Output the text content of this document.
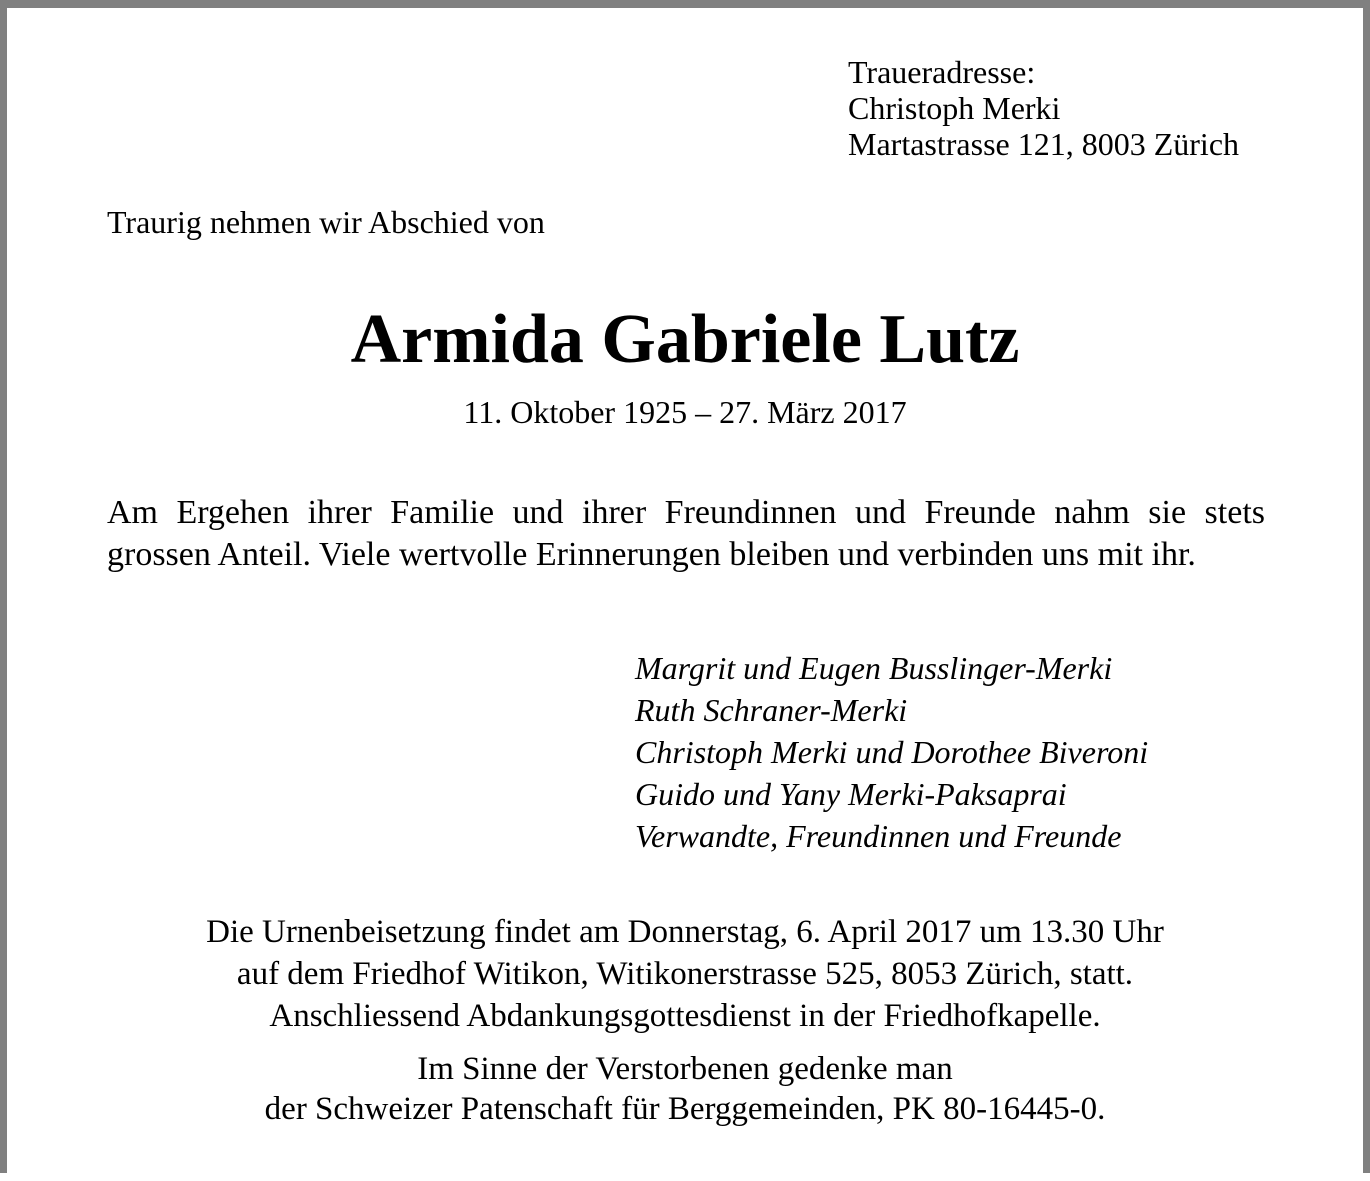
Traueradresse:
Christoph Merki
Martastrasse 121, 8003 Zürich
Traurig nehmen wir Abschied von
Armida Gabriele Lutz
11. Oktober 1925 – 27. März 2017
Am Ergehen ihrer Familie und ihrer Freundinnen und Freunde nahm sie stets grossen Anteil. Viele wertvolle Erinnerungen bleiben und verbinden uns mit ihr.
Margrit und Eugen Busslinger-Merki
Ruth Schraner-Merki
Christoph Merki und Dorothee Biveroni
Guido und Yany Merki-Paksaprai
Verwandte, Freundinnen und Freunde
Die Urnenbeisetzung findet am Donnerstag, 6. April 2017 um 13.30 Uhr
auf dem Friedhof Witikon, Witikonerstrasse 525, 8053 Zürich, statt.
Anschliessend Abdankungsgottesdienst in der Friedhofkapelle.
Im Sinne der Verstorbenen gedenke man
der Schweizer Patenschaft für Berggemeinden, PK 80-16445-0.
